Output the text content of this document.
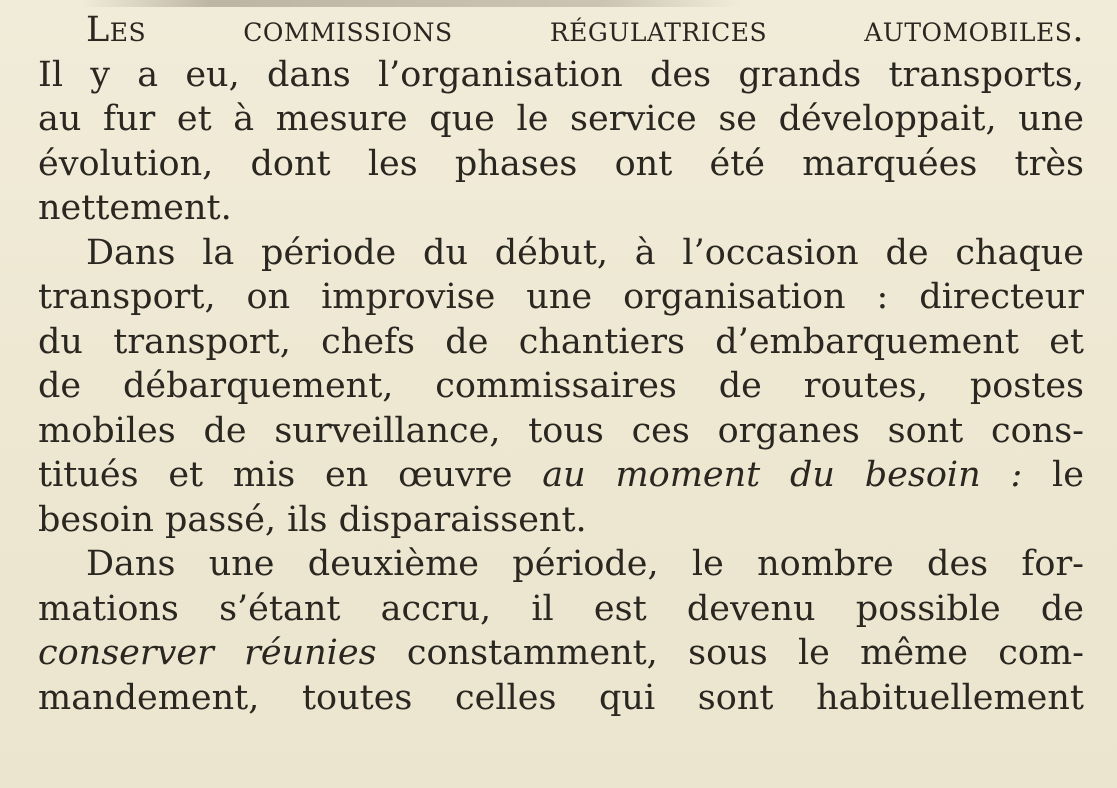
Les commissions régulatrices automobiles.
Il y a eu, dans l’organisation des grands transports,
au fur et à mesure que le service se développait, une
évolution, dont les phases ont été marquées très
nettement.
Dans la période du début, à l’occasion de chaque
transport, on improvise une organisation : directeur
du transport, chefs de chantiers d’embarquement et
de débarquement, commissaires de routes, postes
mobiles de surveillance, tous ces organes sont cons-
titués et mis en œuvre au moment du besoin : le
besoin passé, ils disparaissent.
Dans une deuxième période, le nombre des for-
mations s’étant accru, il est devenu possible de
conserver réunies constamment, sous le même com-
mandement, toutes celles qui sont habituellement
